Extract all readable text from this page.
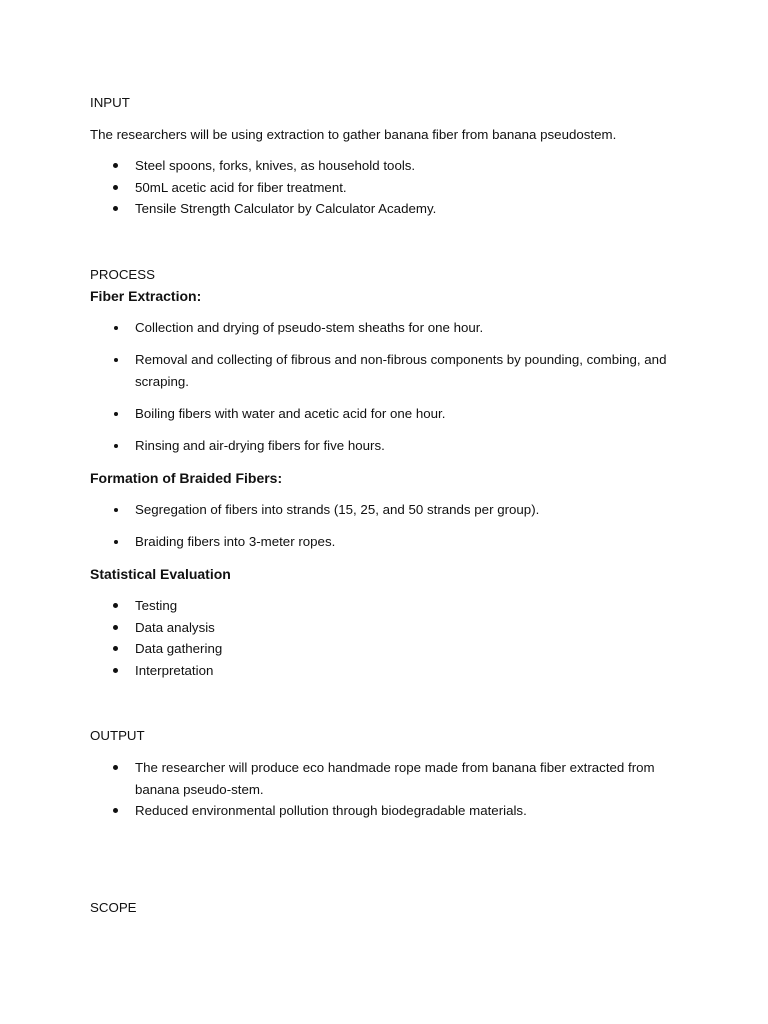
INPUT
The researchers will be using extraction to gather banana fiber from banana pseudostem.
Steel spoons, forks, knives, as household tools.
50mL acetic acid for fiber treatment.
Tensile Strength Calculator by Calculator Academy.
PROCESS
Fiber Extraction:
Collection and drying of pseudo-stem sheaths for one hour.
Removal and collecting of fibrous and non-fibrous components by pounding, combing, and scraping.
Boiling fibers with water and acetic acid for one hour.
Rinsing and air-drying fibers for five hours.
Formation of Braided Fibers:
Segregation of fibers into strands (15, 25, and 50 strands per group).
Braiding fibers into 3-meter ropes.
Statistical Evaluation
Testing
Data analysis
Data gathering
Interpretation
OUTPUT
The researcher will produce eco handmade rope made from banana fiber extracted from banana pseudo-stem.
Reduced environmental pollution through biodegradable materials.
SCOPE
